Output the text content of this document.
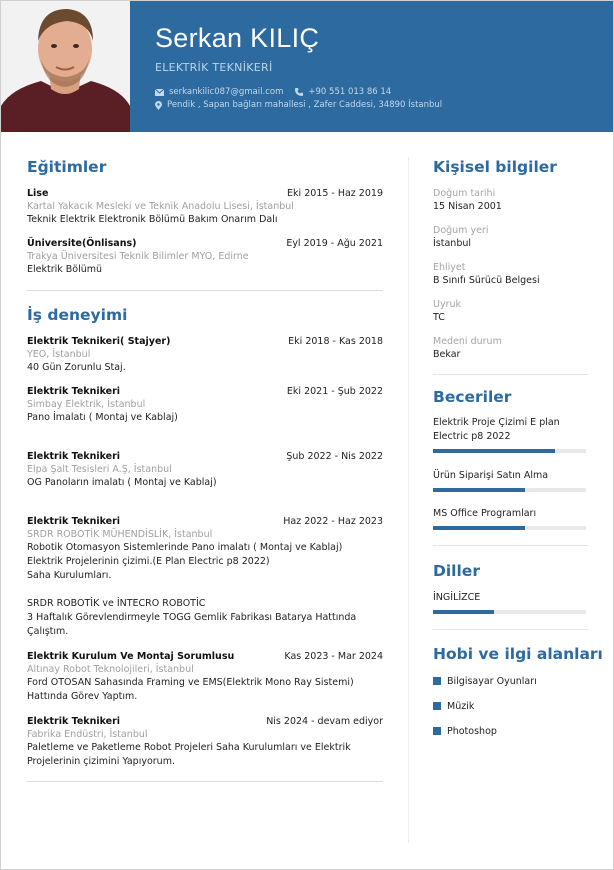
Serkan KILIÇ
ELEKTRİK TEKNİKERİ
serkankilic087@gmail.com	+90 551 013 86 14
Pendik , Sapan bağları mahallesi , Zafer Caddesi, 34890 İstanbul
Eğitimler
Lise	Eki 2015 - Haz 2019
Kartal Yakacık Mesleki ve Teknik Anadolu Lisesi, İstanbul
Teknik Elektrik Elektronik Bölümü Bakım Onarım Dalı
Üniversite(Önlisans)	Eyl 2019 - Ağu 2021
Trakya Üniversitesi Teknik Bilimler MYO, Edirne
Elektrik Bölümü
İş deneyimi
Elektrik Teknikeri( Stajyer)	Eki 2018 - Kas 2018
YEO, İstanbul
40 Gün Zorunlu Staj.
Elektrik Teknikeri	Eki 2021 - Şub 2022
Simbay Elektrik, İstanbul
Pano İmalatı ( Montaj ve Kablaj)
Elektrik Teknikeri	Şub 2022 - Nis 2022
Elpa Şalt Tesisleri A.Ş, İstanbul
OG Panoların imalatı ( Montaj ve Kablaj)
Elektrik Teknikeri	Haz 2022 - Haz 2023
SRDR ROBOTİK MÜHENDİSLİK, İstanbul
Robotik Otomasyon Sistemlerinde Pano imalatı ( Montaj ve Kablaj)
Elektrik Projelerinin çizimi.(E Plan Electric p8 2022)
Saha Kurulumları.
SRDR ROBOTİK ve İNTECRO ROBOTİC
3 Haftalık Görevlendirmeyle TOGG Gemlik Fabrikası Batarya Hattında
Çalıştım.
Elektrik Kurulum Ve Montaj Sorumlusu	Kas 2023 - Mar 2024
Altınay Robot Teknolojileri, İstanbul
Ford OTOSAN Sahasında Framing ve EMS(Elektrik Mono Ray Sistemi)
Hattında Görev Yaptım.
Elektrik Teknikeri	Nis 2024 - devam ediyor
Fabrika Endüstri, İstanbul
Paletleme ve Paketleme Robot Projeleri Saha Kurulumları ve Elektrik
Projelerinin çizimini Yapıyorum.
Kişisel bilgiler
Doğum tarihi
15 Nisan 2001
Doğum yeri
İstanbul
Ehliyet
B Sınıfı Sürücü Belgesi
Uyruk
TC
Medeni durum
Bekar
Beceriler
Elektrik Proje Çizimi E plan
Electric p8 2022
Ürün Siparişi Satın Alma
MS Office Programları
Diller
İNGİLİZCE
Hobi ve ilgi alanları
Bilgisayar Oyunları
Müzik
Photoshop
